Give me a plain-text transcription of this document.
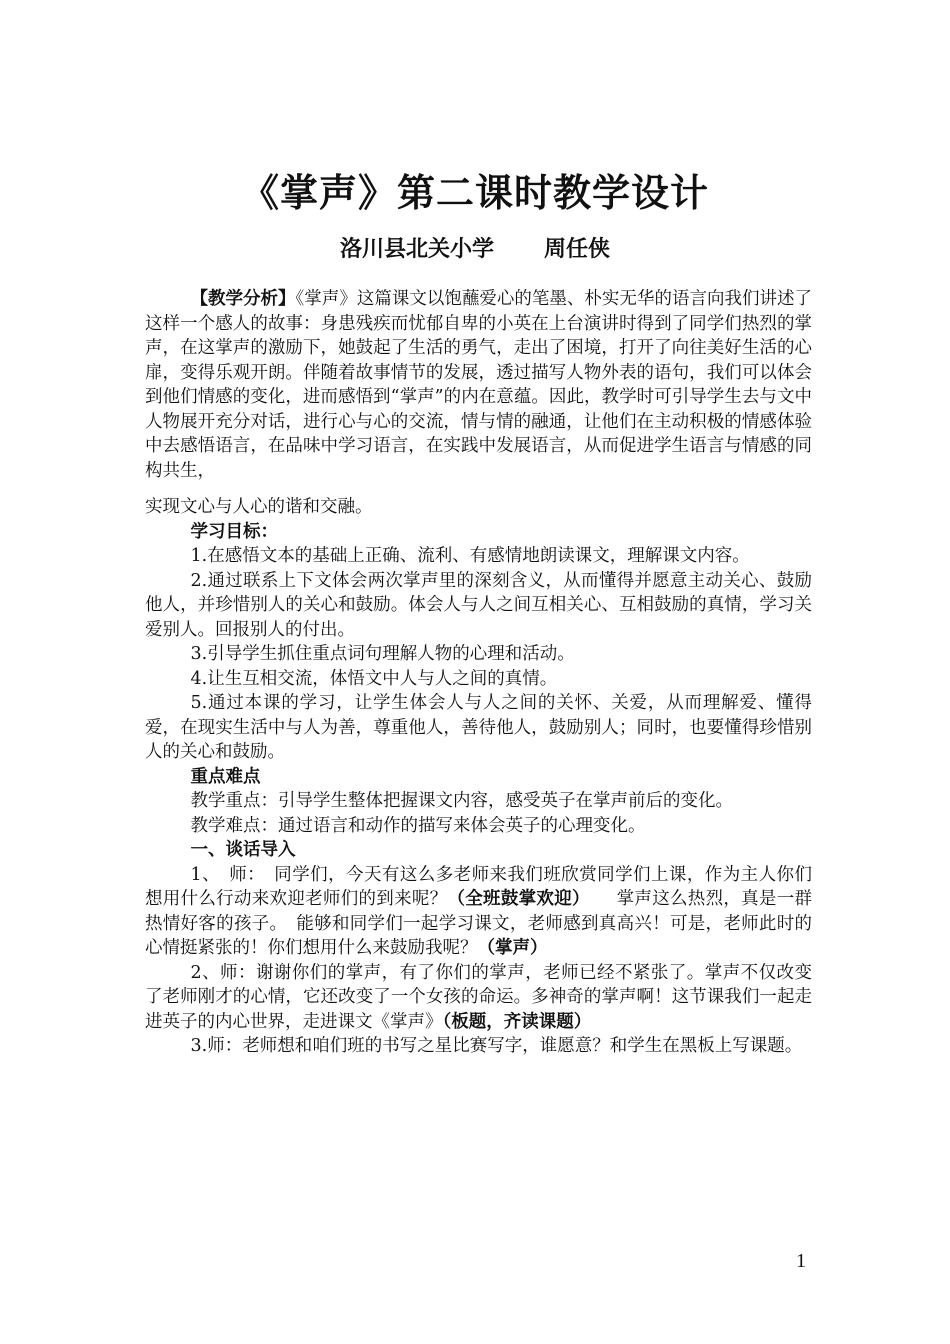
《掌声》第二课时教学设计
洛川县北关小学 周任侠

【教学分析】《掌声》这篇课文以饱蘸爱心的笔墨、朴实无华的语言向我们讲述了这样一个感人的故事：身患残疾而忧郁自卑的小英在上台演讲时得到了同学们热烈的掌声，在这掌声的激励下，她鼓起了生活的勇气，走出了困境，打开了向往美好生活的心扉，变得乐观开朗。伴随着故事情节的发展，透过描写人物外表的语句，我们可以体会到他们情感的变化，进而感悟到“掌声”的内在意蕴。因此，教学时可引导学生去与文中人物展开充分对话，进行心与心的交流，情与情的融通，让他们在主动积极的情感体验中去感悟语言，在品味中学习语言，在实践中发展语言，从而促进学生语言与情感的同构共生，

实现文心与人心的谐和交融。

学习目标：

1.在感悟文本的基础上正确、流利、有感情地朗读课文，理解课文内容。

2.通过联系上下文体会两次掌声里的深刻含义，从而懂得并愿意主动关心、鼓励他人，并珍惜别人的关心和鼓励。体会人与人之间互相关心、互相鼓励的真情，学习关爱别人。回报别人的付出。

3.引导学生抓住重点词句理解人物的心理和活动。

4.让生互相交流，体悟文中人与人之间的真情。

5.通过本课的学习，让学生体会人与人之间的关怀、关爱，从而理解爱、懂得爱，在现实生活中与人为善，尊重他人，善待他人，鼓励别人；同时，也要懂得珍惜别人的关心和鼓励。

重点难点

教学重点：引导学生整体把握课文内容，感受英子在掌声前后的变化。

教学难点：通过语言和动作的描写来体会英子的心理变化。

一、谈话导入

1、　师：　同学们，今天有这么多老师来我们班欣赏同学们上课，作为主人你们想用什么行动来欢迎老师们的到来呢？（全班鼓掌欢迎）　　掌声这么热烈，真是一群热情好客的孩子。　能够和同学们一起学习课文，老师感到真高兴！可是，老师此时的心情挺紧张的！你们想用什么来鼓励我呢？（掌声）

2、师：谢谢你们的掌声，有了你们的掌声，老师已经不紧张了。掌声不仅改变了老师刚才的心情，它还改变了一个女孩的命运。多神奇的掌声啊！这节课我们一起走进英子的内心世界，走进课文《掌声》（板题，齐读课题）

3.师：老师想和咱们班的书写之星比赛写字，谁愿意？和学生在黑板上写课题。

1
